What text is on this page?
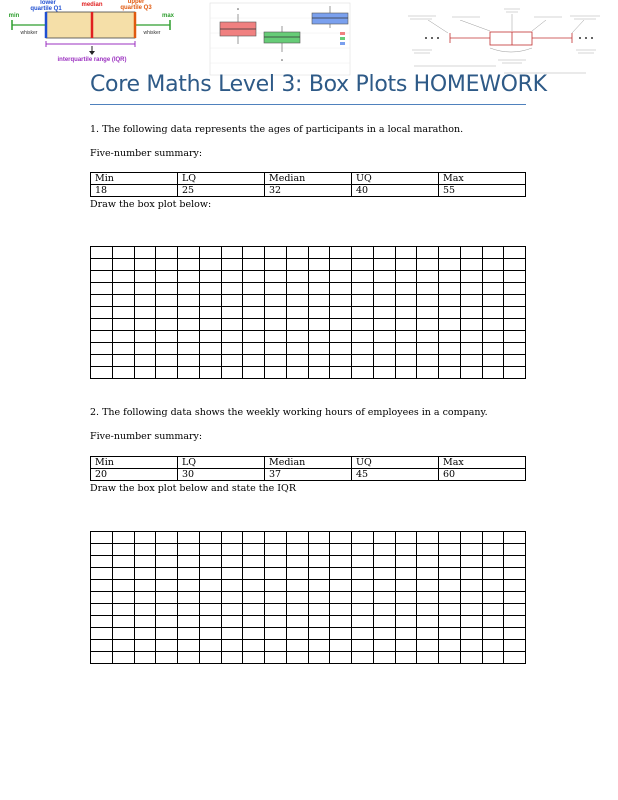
lower
quartile Q1
median	upper
quartile Q3
min	max
whisker	whisker
interquartile range (IQR)
Core Maths Level 3: Box Plots HOMEWORK
1. The following data represents the ages of participants in a local marathon.
Five-number summary:
Min	LQ	Median	UQ	Max
18	25	32	40	55
Draw the box plot below:

2. The following data shows the weekly working hours of employees in a company.
Five-number summary:
Min	LQ	Median	UQ	Max
20	30	37	45	60
Draw the box plot below and state the IQR
